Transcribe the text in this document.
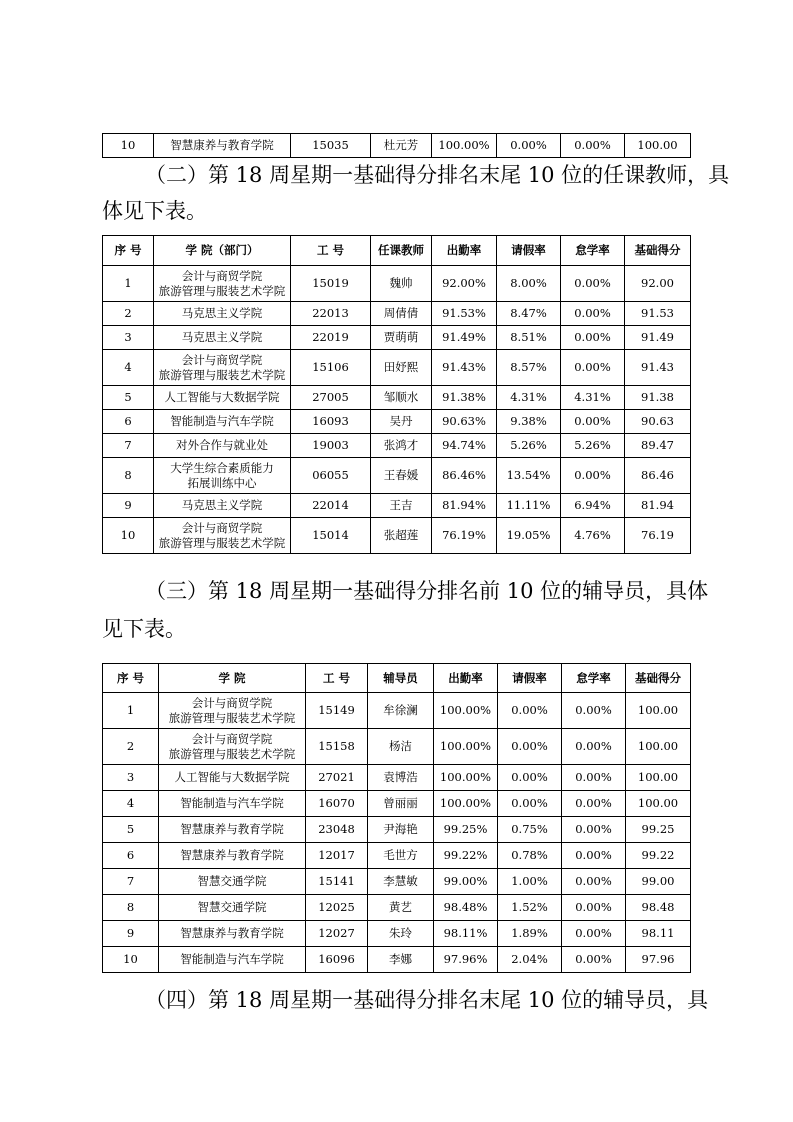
10	智慧康养与教育学院	15035	杜元芳	100.00%	0.00%	0.00%	100.00

（二）第 18 周星期一基础得分排名末尾 10 位的任课教师，具

体见下表。

序 号	学 院（部门）	工 号	任课教师	出勤率	请假率	怠学率	基础得分
1	会计与商贸学院
旅游管理与服装艺术学院	15019	魏帅	92.00%	8.00%	0.00%	92.00
2	马克思主义学院	22013	周倩倩	91.53%	8.47%	0.00%	91.53
3	马克思主义学院	22019	贾萌萌	91.49%	8.51%	0.00%	91.49
4	会计与商贸学院
旅游管理与服装艺术学院	15106	田妤熙	91.43%	8.57%	0.00%	91.43
5	人工智能与大数据学院	27005	邹顺水	91.38%	4.31%	4.31%	91.38
6	智能制造与汽车学院	16093	吴丹	90.63%	9.38%	0.00%	90.63
7	对外合作与就业处	19003	张鸿才	94.74%	5.26%	5.26%	89.47
8	大学生综合素质能力
拓展训练中心	06055	王春媛	86.46%	13.54%	0.00%	86.46
9	马克思主义学院	22014	王吉	81.94%	11.11%	6.94%	81.94
10	会计与商贸学院
旅游管理与服装艺术学院	15014	张超莲	76.19%	19.05%	4.76%	76.19

（三）第 18 周星期一基础得分排名前 10 位的辅导员，具体

见下表。

序 号	学 院	工 号	辅导员	出勤率	请假率	怠学率	基础得分
1	会计与商贸学院
旅游管理与服装艺术学院	15149	牟徐澜	100.00%	0.00%	0.00%	100.00
2	会计与商贸学院
旅游管理与服装艺术学院	15158	杨洁	100.00%	0.00%	0.00%	100.00
3	人工智能与大数据学院	27021	袁博浩	100.00%	0.00%	0.00%	100.00
4	智能制造与汽车学院	16070	曾丽丽	100.00%	0.00%	0.00%	100.00
5	智慧康养与教育学院	23048	尹海艳	99.25%	0.75%	0.00%	99.25
6	智慧康养与教育学院	12017	毛世方	99.22%	0.78%	0.00%	99.22
7	智慧交通学院	15141	李慧敏	99.00%	1.00%	0.00%	99.00
8	智慧交通学院	12025	黄艺	98.48%	1.52%	0.00%	98.48
9	智慧康养与教育学院	12027	朱玲	98.11%	1.89%	0.00%	98.11
10	智能制造与汽车学院	16096	李娜	97.96%	2.04%	0.00%	97.96

（四）第 18 周星期一基础得分排名末尾 10 位的辅导员，具
